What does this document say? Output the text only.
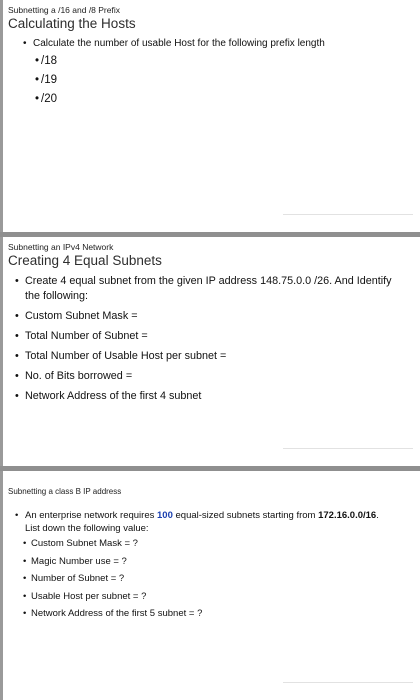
Subnetting a /16 and /8 Prefix
Calculating the Hosts
• Calculate the number of usable Host for the following prefix length
• /18
• /19
• /20
Subnetting an IPv4 Network
Creating 4 Equal Subnets
• Create 4 equal subnet from the given IP address 148.75.0.0 /26. And Identify the following:
• Custom Subnet Mask =
• Total Number of Subnet =
• Total Number of Usable Host per subnet =
• No. of Bits borrowed =
• Network Address of the first 4 subnet
Subnetting a class B IP address
• An enterprise network requires 100 equal-sized subnets starting from 172.16.0.0/16. List down the following value:
• Custom Subnet Mask = ?
• Magic Number use = ?
• Number of Subnet = ?
• Usable Host per subnet = ?
• Network Address of the first 5 subnet = ?
